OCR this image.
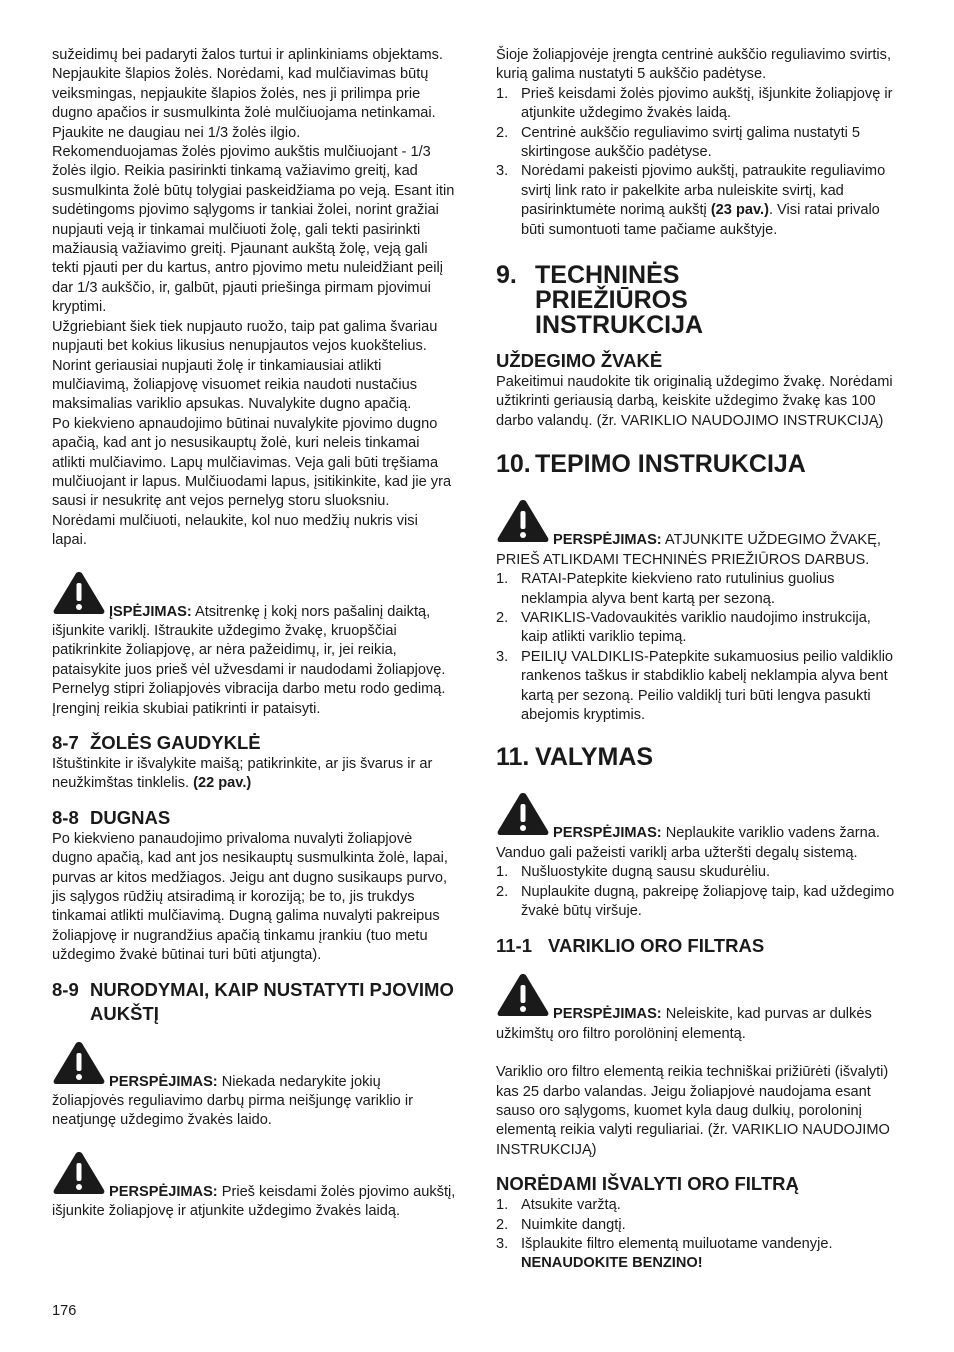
sužeidimų bei padaryti žalos turtui ir aplinkiniams objektams. Nepjaukite šlapios žolės. Norėdami, kad mulčiavimas būtų veiksmingas, nepjaukite šlapios žolės, nes ji prilimpa prie dugno apačios ir susmulkinta žolė mulčiuojama netinkamai. Pjaukite ne daugiau nei 1/3 žolės ilgio.

Rekomenduojamas žolės pjovimo aukštis mulčiuojant - 1/3 žolės ilgio. Reikia pasirinkti tinkamą važiavimo greitį, kad susmulkinta žolė būtų tolygiai paskeidžiama po veją. Esant itin sudėtingoms pjovimo sąlygoms ir tankiai žolei, norint gražiai nupjauti veją ir tinkamai mulčiuoti žolę, gali tekti pasirinkti mažiausią važiavimo greitį. Pjaunant aukštą žolę, veją gali tekti pjauti per du kartus, antro pjovimo metu nuleidžiant peilį dar 1/3 aukščio, ir, galbūt, pjauti priešinga pirmam pjovimui kryptimi.

Užgriebiant šiek tiek nupjauto ruožo, taip pat galima švariau nupjauti bet kokius likusius nenupjautos vejos kuokštelius. Norint geriausiai nupjauti žolę ir tinkamiausiai atlikti mulčiavimą, žoliapjovę visuomet reikia naudoti nustačius maksimalias variklio apsukas. Nuvalykite dugno apačią.

Po kiekvieno apnaudojimo būtinai nuvalykite pjovimo dugno apačią, kad ant jo nesusikauptų žolė, kuri neleis tinkamai atlikti mulčiavimo. Lapų mulčiavimas. Veja gali būti tręšiama mulčiuojant ir lapus. Mulčiuodami lapus, įsitikinkite, kad jie yra sausi ir nesukritę ant vejos pernelyg storu sluoksniu. Norėdami mulčiuoti, nelaukite, kol nuo medžių nukris visi lapai.

ĮSPĖJIMAS: Atsitrenkę į kokį nors pašalinį daiktą, išjunkite variklį. Ištraukite uždegimo žvakę, kruopščiai patikrinkite žoliapjovę, ar nėra pažeidimų, ir, jei reikia, pataisykite juos prieš vėl užvesdami ir naudodami žoliapjovę. Pernelyg stipri žoliapjovės vibracija darbo metu rodo gedimą. Įrenginį reikia skubiai patikrinti ir pataisyti.

8-7 ŽOLĖS GAUDYKLĖ

Ištuštinkite ir išvalykite maišą; patikrinkite, ar jis švarus ir ar neužkimštas tinklelis. (22 pav.)

8-8 DUGNAS

Po kiekvieno panaudojimo privaloma nuvalyti žoliapjovė dugno apačią, kad ant jos nesikauptų susmulkinta žolė, lapai, purvas ar kitos medžiagos. Jeigu ant dugno susikaups purvo, jis sąlygos rūdžių atsiradimą ir koroziją; be to, jis trukdys tinkamai atlikti mulčiavimą. Dugną galima nuvalyti pakreipus žoliapjovę ir nugrandžius apačią tinkamu įrankiu (tuo metu uždegimo žvakė būtinai turi būti atjungta).

8-9 NURODYMAI, KAIP NUSTATYTI PJOVIMO AUKŠTĮ

PERSPĖJIMAS: Niekada nedarykite jokių žoliapjovės reguliavimo darbų pirma neišjungę variklio ir neatjungę uždegimo žvakės laido.

PERSPĖJIMAS: Prieš keisdami žolės pjovimo aukštį, išjunkite žoliapjovę ir atjunkite uždegimo žvakės laidą.

Šioje žoliapjovėje įrengta centrinė aukščio reguliavimo svirtis, kurią galima nustatyti 5 aukščio padėtyse.

1. Prieš keisdami žolės pjovimo aukštį, išjunkite žoliapjovę ir atjunkite uždegimo žvakės laidą.
2. Centrinė aukščio reguliavimo svirtį galima nustatyti 5 skirtingose aukščio padėtyse.
3. Norėdami pakeisti pjovimo aukštį, patraukite reguliavimo svirtį link rato ir pakelkite arba nuleiskite svirtį, kad pasirinktumėte norimą aukštį (23 pav.). Visi ratai privalo būti sumontuoti tame pačiame aukštyje.
9. TECHNINĖS PRIEŽIŪROS INSTRUKCIJA
UŽDEGIMO ŽVAKĖ

Pakeitimui naudokite tik originalią uždegimo žvakę. Norėdami užtikrinti geriausią darbą, keiskite uždegimo žvakę kas 100 darbo valandų. (žr. VARIKLIO NAUDOJIMO INSTRUKCIJĄ)

10. TEPIMO INSTRUKCIJA

PERSPĖJIMAS: ATJUNKITE UŽDEGIMO ŽVAKĘ, PRIEŠ ATLIKDAMI TECHNINĖS PRIEŽIŪROS DARBUS.

1. RATAI-Patepkite kiekvieno rato rutulinius guolius neklampia alyva bent kartą per sezoną.
2. VARIKLIS-Vadovaukitės variklio naudojimo instrukcija, kaip atlikti variklio tepimą.
3. PEILIŲ VALDIKLIS-Patepkite sukamuosius peilio valdiklio rankenos taškus ir stabdiklio kabelį neklampia alyva bent kartą per sezoną. Peilio valdiklį turi būti lengva pasukti abejomis kryptimis.
11. VALYMAS

PERSPĖJIMAS: Neplaukite variklio vadens žarna. Vanduo gali pažeisti variklį arba užteršti degalų sistemą.

1. Nušluostykite dugną sausu skudurėliu.
2. Nuplaukite dugną, pakreipę žoliapjovę taip, kad uždegimo žvakė būtų viršuje.
11-1 VARIKLIO ORO FILTRAS

PERSPĖJIMAS: Neleiskite, kad purvas ar dulkės užkimštų oro filtro porolöninį elementą.

Variklio oro filtro elementą reikia techniškai prižiūrėti (išvalyti) kas 25 darbo valandas. Jeigu žoliapjovė naudojama esant sauso oro sąlygoms, kuomet kyla daug dulkių, poroloninį elementą reikia valyti reguliariai. (žr. VARIKLIO NAUDOJIMO INSTRUKCIJĄ)

NORĖDAMI IŠVALYTI ORO FILTRĄ
1. Atsukite varžtą.
2. Nuimkite dangtį.
3. Išplaukite filtro elementą muiluotame vandenyje. NENAUDOKITE BENZINO!
176
